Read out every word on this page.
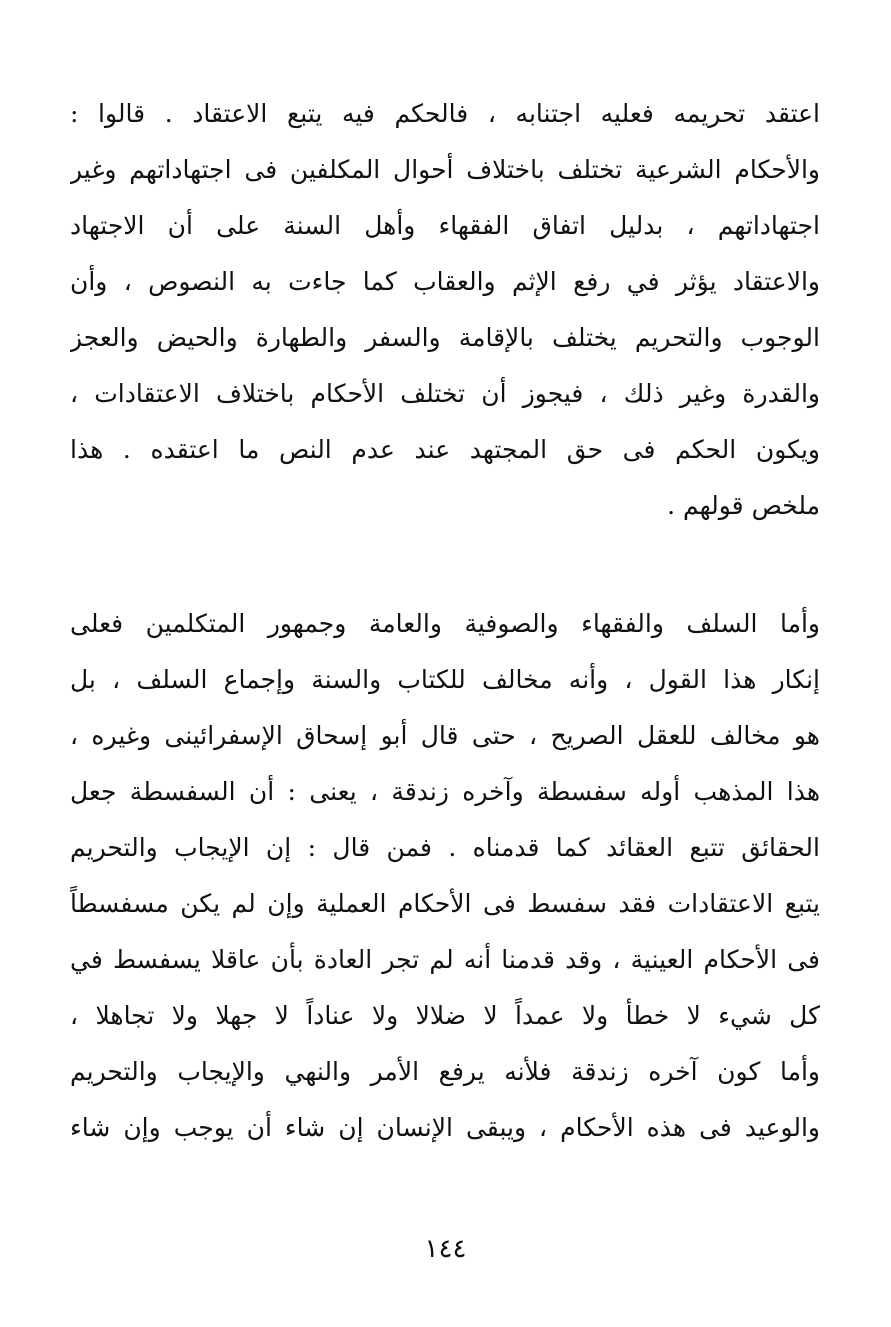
اعتقد تحريمه فعليه اجتنابه ، فالحكم فيه يتبع الاعتقاد . قالوا :
والأحكام الشرعية تختلف باختلاف أحوال المكلفين فى اجتهاداتهم وغير
اجتهاداتهم ، بدليل اتفاق الفقهاء وأهل السنة على أن الاجتهاد
والاعتقاد يؤثر في رفع الإثم والعقاب كما جاءت به النصوص ، وأن
الوجوب والتحريم يختلف بالإقامة والسفر والطهارة والحيض والعجز
والقدرة وغير ذلك ، فيجوز أن تختلف الأحكام باختلاف الاعتقادات ،
ويكون الحكم فى حق المجتهد عند عدم النص ما اعتقده . هذا
ملخص قولهم .
وأما السلف والفقهاء والصوفية والعامة وجمهور المتكلمين فعلى
إنكار هذا القول ، وأنه مخالف للكتاب والسنة وإجماع السلف ، بل
هو مخالف للعقل الصريح ، حتى قال أبو إسحاق الإسفرائينى وغيره ،
هذا المذهب أوله سفسطة وآخره زندقة ، يعنى : أن السفسطة جعل
الحقائق تتبع العقائد كما قدمناه . فمن قال : إن الإيجاب والتحريم
يتبع الاعتقادات فقد سفسط فى الأحكام العملية وإن لم يكن مسفسطاً
فى الأحكام العينية ، وقد قدمنا أنه لم تجر العادة بأن عاقلا يسفسط في
كل شيء لا خطأ ولا عمداً لا ضلالا ولا عناداً لا جهلا ولا تجاهلا ،
وأما كون آخره زندقة فلأنه يرفع الأمر والنهي والإيجاب والتحريم
والوعيد فى هذه الأحكام ، ويبقى الإنسان إن شاء أن يوجب وإن شاء
١٤٤
